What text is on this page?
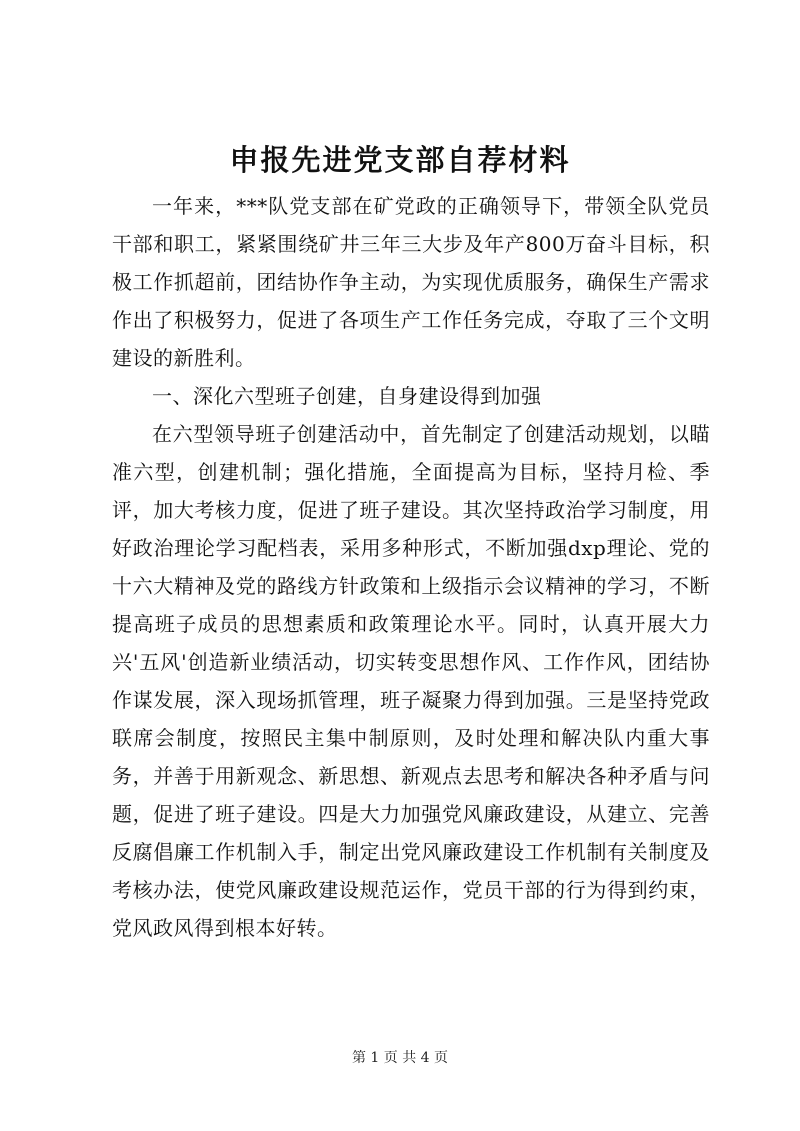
申报先进党支部自荐材料

一年来，***队党支部在矿党政的正确领导下，带领全队党员干部和职工，紧紧围绕矿井三年三大步及年产800万奋斗目标，积极工作抓超前，团结协作争主动，为实现优质服务，确保生产需求作出了积极努力，促进了各项生产工作任务完成，夺取了三个文明建设的新胜利。

一、深化六型班子创建，自身建设得到加强

在六型领导班子创建活动中，首先制定了创建活动规划，以瞄准六型，创建机制；强化措施，全面提高为目标，坚持月检、季评，加大考核力度，促进了班子建设。其次坚持政治学习制度，用好政治理论学习配档表，采用多种形式，不断加强dxp理论、党的十六大精神及党的路线方针政策和上级指示会议精神的学习，不断提高班子成员的思想素质和政策理论水平。同时，认真开展大力兴'五风'创造新业绩活动，切实转变思想作风、工作作风，团结协作谋发展，深入现场抓管理，班子凝聚力得到加强。三是坚持党政联席会制度，按照民主集中制原则，及时处理和解决队内重大事务，并善于用新观念、新思想、新观点去思考和解决各种矛盾与问题，促进了班子建设。四是大力加强党风廉政建设，从建立、完善反腐倡廉工作机制入手，制定出党风廉政建设工作机制有关制度及考核办法，使党风廉政建设规范运作，党员干部的行为得到约束，党风政风得到根本好转。

第 1 页 共 4 页
